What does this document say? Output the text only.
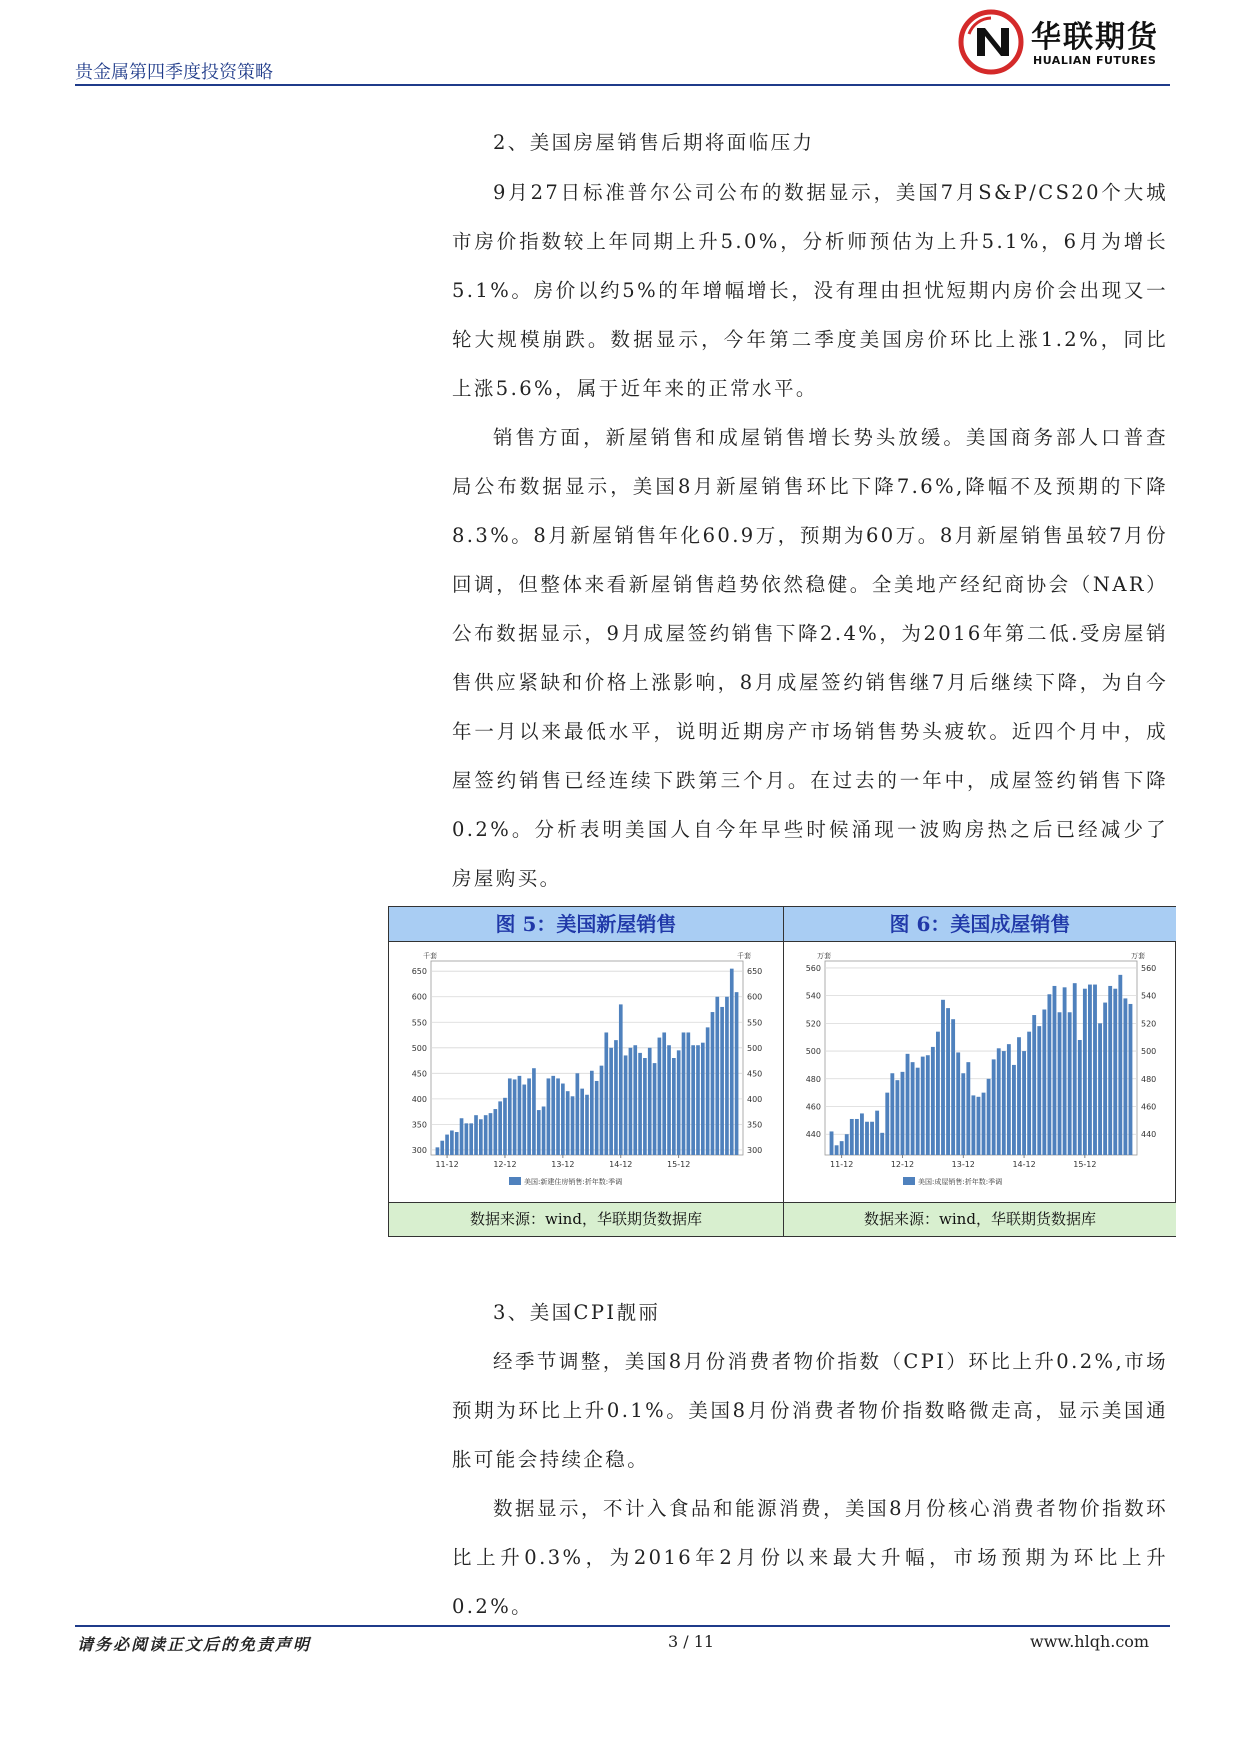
贵金属第四季度投资策略
华联期货
HUALIAN FUTURES
2、美国房屋销售后期将面临压力

9月27日标准普尔公司公布的数据显示，美国7月S&P/CS20个大城市房价指数较上年同期上升5.0%，分析师预估为上升5.1%，6月为增长5.1%。房价以约5%的年增幅增长，没有理由担忧短期内房价会出现又一轮大规模崩跌。数据显示，今年第二季度美国房价环比上涨1.2%，同比上涨5.6%，属于近年来的正常水平。

销售方面，新屋销售和成屋销售增长势头放缓。美国商务部人口普查局公布数据显示，美国8月新屋销售环比下降7.6%,降幅不及预期的下降8.3%。8月新屋销售年化60.9万，预期为60万。8月新屋销售虽较7月份回调，但整体来看新屋销售趋势依然稳健。全美地产经纪商协会（NAR）公布数据显示，9月成屋签约销售下降2.4%，为2016年第二低.受房屋销售供应紧缺和价格上涨影响，8月成屋签约销售继7月后继续下降，为自今年一月以来最低水平，说明近期房产市场销售势头疲软。近四个月中，成屋签约销售已经连续下跌第三个月。在过去的一年中，成屋签约销售下降0.2%。分析表明美国人自今年早些时候涌现一波购房热之后已经减少了房屋购买。

图 5：美国新屋销售	图 6：美国成屋销售
300	300
350	350
400	400
450	450
500	500
550	550
600	600
650	650
千套	千套
11-12	12-12	13-12	14-12	15-12
美国:新建住房销售:折年数:季调
440	440
460	460
480	480
500	500
520	520
540	540
560	560
万套	万套
11-12	12-12	13-12	14-12	15-12
美国:成屋销售:折年数:季调
数据来源：wind，华联期货数据库	数据来源：wind，华联期货数据库
3、美国CPI靓丽

经季节调整，美国8月份消费者物价指数（CPI）环比上升0.2%,市场预期为环比上升0.1%。美国8月份消费者物价指数略微走高，显示美国通胀可能会持续企稳。

数据显示，不计入食品和能源消费，美国8月份核心消费者物价指数环比上升0.3%，为2016年2月份以来最大升幅，市场预期为环比上升0.2%。

请务必阅读正文后的免责声明	3 / 11	www.hlqh.com
